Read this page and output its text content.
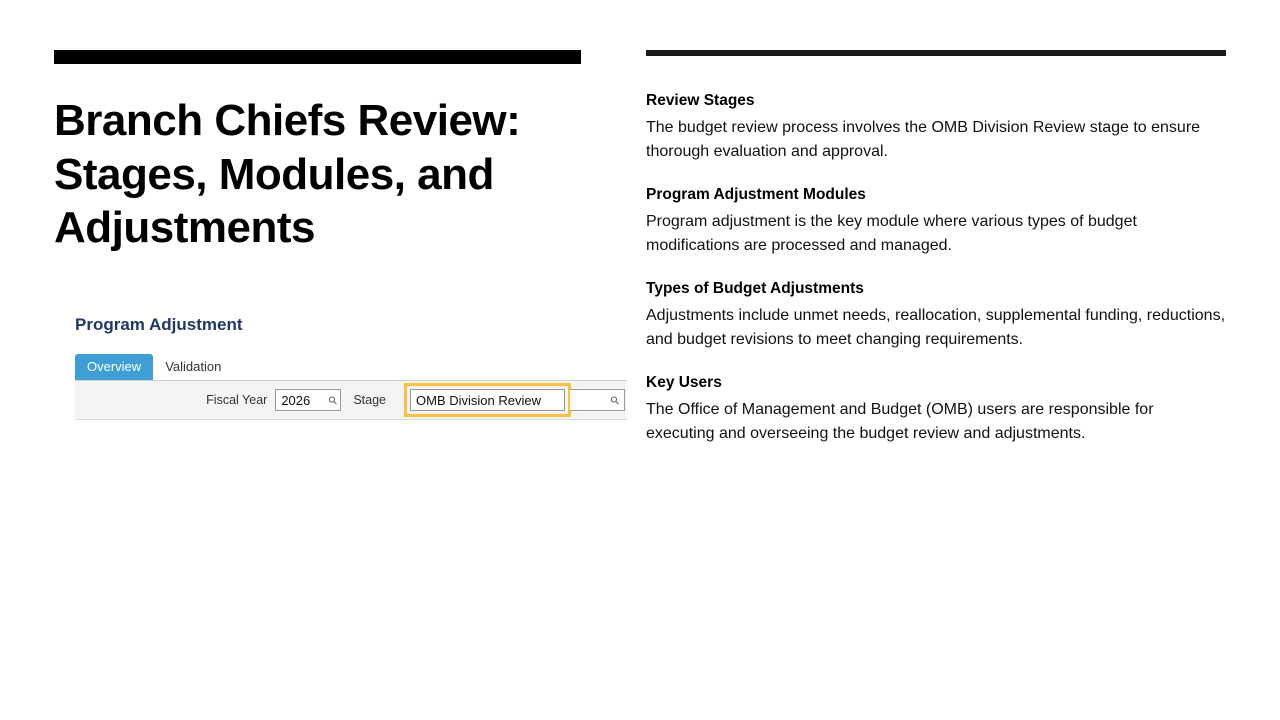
Branch Chiefs Review: Stages, Modules, and Adjustments
Program Adjustment
Overview	Validation
Fiscal Year 2026 ⚲ Stage OMB Division Review	⚲
Review Stages
The budget review process involves the OMB Division Review stage to ensure thorough evaluation and approval.
Program Adjustment Modules
Program adjustment is the key module where various types of budget modifications are processed and managed.
Types of Budget Adjustments
Adjustments include unmet needs, reallocation, supplemental funding, reductions, and budget revisions to meet changing requirements.
Key Users
The Office of Management and Budget (OMB) users are responsible for executing and overseeing the budget review and adjustments.
